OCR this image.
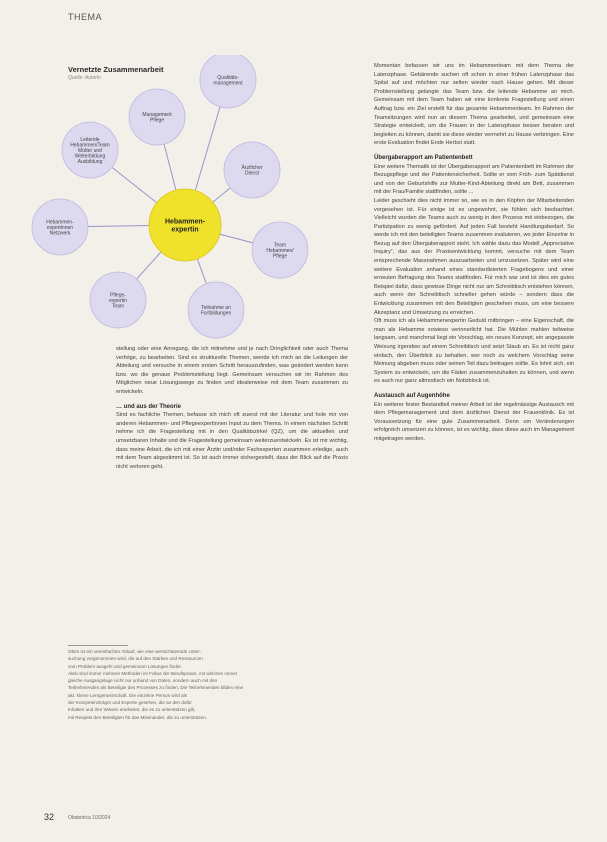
THEMA
Vernetzte Zusammenarbeit
Quelle: Autorin	Qualitäts-management
Ärztlicher Dienst
Team Hebammen/ Pflege
Teilnahme an Fortbildungen
Pflege-expertin Team
Hebammen-expertinnen Netzwerk
Leitende Hebammen/Team Mütter und Weiterbildung Ausbildung
Management Pflege
Hebammen-expertin

stellung oder eine Anregung, die ich mitnehme und je nach Dringlichkeit oder auch Thema verfolge, zu bearbeiten. Sind es strukturelle Themen, wende ich mich an die Leitungen der Abteilung und versuche in einem ersten Schritt herauszufinden, was geändert werden kann bzw. wo die genaue Problemstellung liegt. Gemeinsam versuchen wir im Rahmen des Möglichen neue Lösungswege zu finden und idealerweise mit dem Team zusammen zu entwickeln.

… und aus der Theorie

Sind es fachliche Themen, befasse ich mich oft zuerst mit der Literatur und hole mir von anderen Hebammen- und Pflegeexpertinnen Input zu dem Thema. In einem nächsten Schritt nehme ich die Fragestellung mit in den Qualitätszirkel (QZ), um die aktuellen und umsetzbaren Inhalte und die Fragestellung gemeinsam weiterzuentwickeln. Es ist mir wichtig, dass meine Arbeit, die ich mit einer Ärztin und/oder Fachexperten zusammen erledige, auch mit dem Team abgestimmt ist. So ist auch immer sichergestellt, dass der Blick auf die Praxis nicht verloren geht.

Momentan befassen wir uns im Hebammenteam mit dem Thema der Latenzphase. Gebärende suchen oft schon in einer frühen Latenzphase das Spital auf und möchten nur selten wieder nach Hause gehen. Mit dieser Problemstellung gelangte das Team bzw. die leitende Hebamme an mich. Gemeinsam mit dem Team haben wir eine konkrete Fragestellung und einen Auftrag bzw. ein Ziel erstellt für das gesamte Hebammenteam. Im Rahmen der Teamsitzungen wird nun an diesem Thema gearbeitet, und gemeinsam eine Strategie entwickelt, um die Frauen in der Latenzphase besser beraten und begleiten zu können, damit sie diese wieder vermehrt zu Hause verbringen. Eine erste Evaluation findet Ende Herbst statt.

Übergaberapport am Patientenbett

Eine weitere Thematik ist der Übergaberapport am Patientenbett im Rahmen der Bezugspflege und der Patientensicherheit. Sollte er vom Früh- zum Spätdienst und von der Geburtshilfe zur Mutter-Kind-Abteilung direkt am Bett, zusammen mit der Frau/Familie stattfinden, sollte ...

Leider geschieht dies nicht immer so, wie es in den Köpfen der Mitarbeitenden vorgesehen ist. Für einige ist es ungewohnt, sie fühlen sich beobachtet. Vielleicht wurden die Teams auch zu wenig in den Prozess mit einbezogen, die Partizipation zu wenig gefördert. Auf jeden Fall besteht Handlungsbedarf. So werde ich mit den beteiligten Teams zusammen evaluieren, wo jeder Einzelne in Bezug auf den Übergaberapport steht. Ich wähle dazu das Modell „Appreciative Inquiry“, das aus der Praxisentwicklung kommt, versuche mit dem Team entsprechende Massnahmen auszuarbeiten und umzusetzen. Später wird eine weitere Evaluation anhand eines standardisierten Fragebogens und einer erneuten Befragung des Teams stattfinden. Für mich war und ist dies ein gutes Beispiel dafür, dass gewisse Dinge nicht nur am Schreibtisch entstehen können, auch wenn der Schreibtisch schneller gehen würde – sondern dass die Entwicklung zusammen mit den Beteiligten geschehen muss, um eine bessere Akzeptanz und Umsetzung zu erreichen.

Oft muss ich als Hebammenexpertin Geduld mitbringen – eine Eigenschaft, die man als Hebamme sowieso verinnerlicht hat. Die Mühlen mahlen teilweise langsam, und manchmal liegt ein Vorschlag, ein neues Konzept, ein angepasste Weisung irgendwo auf einem Schreibtisch und setzt Staub an. Es ist nicht ganz einfach, den Überblick zu behalten, wer noch zu welchem Vorschlag seine Meinung abgeben muss oder seinen Teil dazu beitragen sollte. Es lohnt sich, ein System zu entwickeln, um die Fäden zusammenzuhalten zu können, und wenn es auch nur ganz altmodisch ein Notizblock ist.

Austausch auf Augenhöhe

Ein weiterer fester Bestandteil meiner Arbeit ist der regelmässige Austausch mit dem Pflegemanagement und dem ärztlichen Dienst der Frauenklinik. Es ist Voraussetzung für eine gute Zusammenarbeit. Denn um Veränderungen erfolgreich umsetzen zu können, ist es wichtig, dass diese auch im Management mitgetragen werden.

Oben ist ein vereinfachter Ablauf, wie eine wertschätzende Unter-

suchung vorgenommen wird, die auf den Stärken und Ressourcen

vom Problem ausgeht und gemeinsam Lösungen findet.

Aktiv sind immer mehrere Methoden im Fokus der Berufspraxis, mit welchen immer

gleiche Ausgangslage nicht nur anhand von Daten, sondern auch mit den

Teilnehmenden als Beteiligte des Prozesses zu finden. Die Teilnehmenden bilden eine

akt. kleine Lerngemeinschaft. Die einzelne Person wird als

der Kompetenzträger und Experte gesehen, die an den dafür

Inhalten und ihre Wissen erarbeitet, die es zu unterstützen gilt,

mit Respekt den Beteiligten für das Miteinander, die zu unterstützen.

32	Obstetrica 10/2024
